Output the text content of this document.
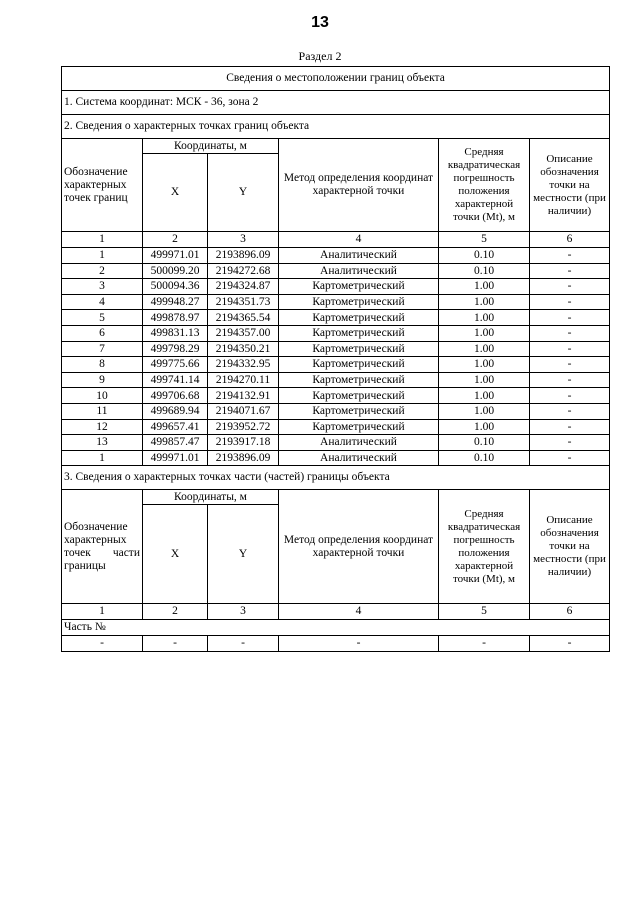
13
Раздел 2
Сведения о местоположении границ объекта					
1. Система координат: МСК - 36, зона 2					
2. Сведения о характерных точках границ объекта					
Обозначение характерных точек границ	Координаты, м		Метод определения координат характерной точки	Средняя квадратическая погрешность положения характерной точки (Mt), м	Описание обозначения точки на местности (при наличии)
	X	Y			
1	2	3	4	5	6
1	499971.01	2193896.09	Аналитический	0.10	-
2	500099.20	2194272.68	Аналитический	0.10	-
3	500094.36	2194324.87	Картометрический	1.00	-
4	499948.27	2194351.73	Картометрический	1.00	-
5	499878.97	2194365.54	Картометрический	1.00	-
6	499831.13	2194357.00	Картометрический	1.00	-
7	499798.29	2194350.21	Картометрический	1.00	-
8	499775.66	2194332.95	Картометрический	1.00	-
9	499741.14	2194270.11	Картометрический	1.00	-
10	499706.68	2194132.91	Картометрический	1.00	-
11	499689.94	2194071.67	Картометрический	1.00	-
12	499657.41	2193952.72	Картометрический	1.00	-
13	499857.47	2193917.18	Аналитический	0.10	-
1	499971.01	2193896.09	Аналитический	0.10	-
3. Сведения о характерных точках части (частей) границы объекта					
Обозначение характерных точек части границы	Координаты, м		Метод определения координат характерной точки	Средняя квадратическая погрешность положения характерной точки (Mt), м	Описание обозначения точки на местности (при наличии)
	X	Y			
1	2	3	4	5	6
Часть №					
-	-	-	-	-	-
